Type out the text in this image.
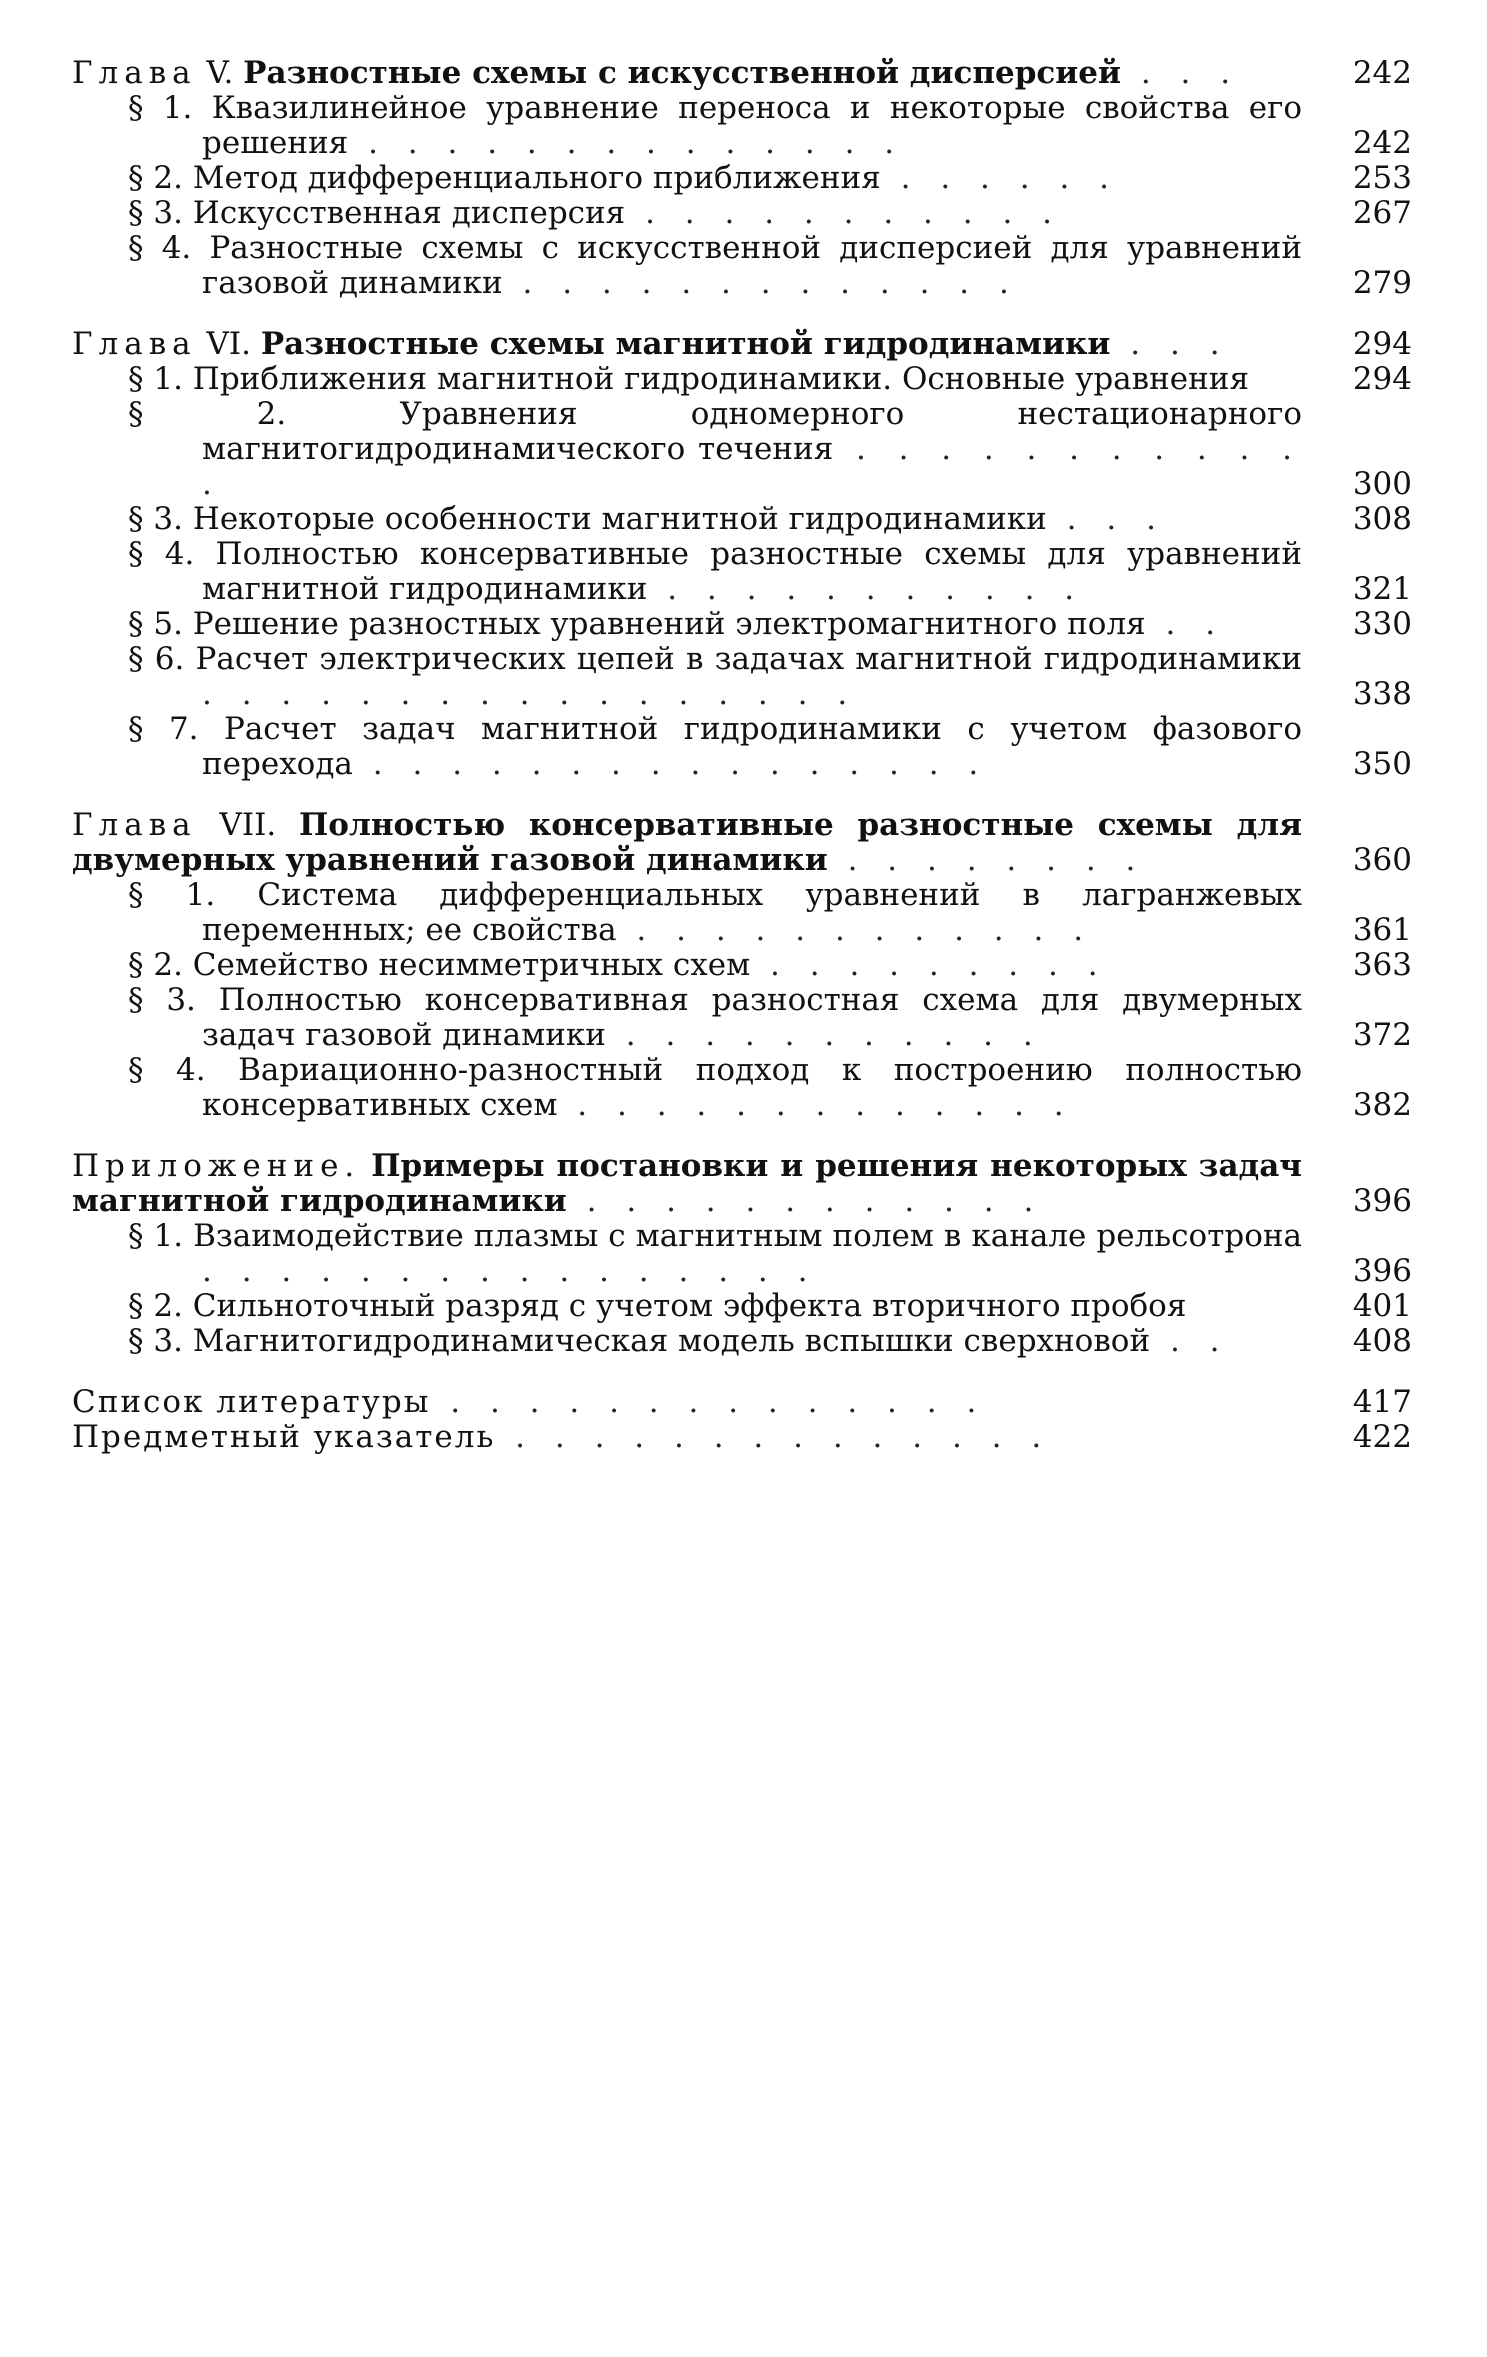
Глава V. Разностные схемы с искусственной дисперсией . . .	242
§ 1. Квазилинейное уравнение переноса и некоторые свойства его решения . . . . . . . . . . . . . .	242
§ 2. Метод дифференциального приближения . . . . . .	253
§ 3. Искусственная дисперсия . . . . . . . . . . .	267
§ 4. Разностные схемы с искусственной дисперсией для уравнений газовой динамики . . . . . . . . . . . . .	279
Глава VI. Разностные схемы магнитной гидродинамики . . .	294
§ 1. Приближения магнитной гидродинамики. Основные уравнения	294
§ 2. Уравнения одномерного нестационарного магнитогидродинамического течения . . . . . . . . . . . .	300
§ 3. Некоторые особенности магнитной гидродинамики . . .	308
§ 4. Полностью консервативные разностные схемы для уравнений магнитной гидродинамики . . . . . . . . . . .	321
§ 5. Решение разностных уравнений электромагнитного поля . .	330
§ 6. Расчет электрических цепей в задачах магнитной гидродинамики . . . . . . . . . . . . . . . . .	338
§ 7. Расчет задач магнитной гидродинамики с учетом фазового перехода . . . . . . . . . . . . . . . .	350
Глава VII. Полностью консервативные разностные схемы для двумерных уравнений газовой динамики . . . . . . . .	360
§ 1. Система дифференциальных уравнений в лагранжевых переменных; ее свойства . . . . . . . . . . . .	361
§ 2. Семейство несимметричных схем . . . . . . . . .	363
§ 3. Полностью консервативная разностная схема для двумерных задач газовой динамики . . . . . . . . . . .	372
§ 4. Вариационно-разностный подход к построению полностью консервативных схем . . . . . . . . . . . . .	382
Приложение. Примеры постановки и решения некоторых задач магнитной гидродинамики . . . . . . . . . . . .	396
§ 1. Взаимодействие плазмы с магнитным полем в канале рельсотрона . . . . . . . . . . . . . . . .	396
§ 2. Сильноточный разряд с учетом эффекта вторичного пробоя	401
§ 3. Магнитогидродинамическая модель вспышки сверхновой . .	408
Список литературы . . . . . . . . . . . . . .	417
Предметный указатель . . . . . . . . . . . . . .	422
